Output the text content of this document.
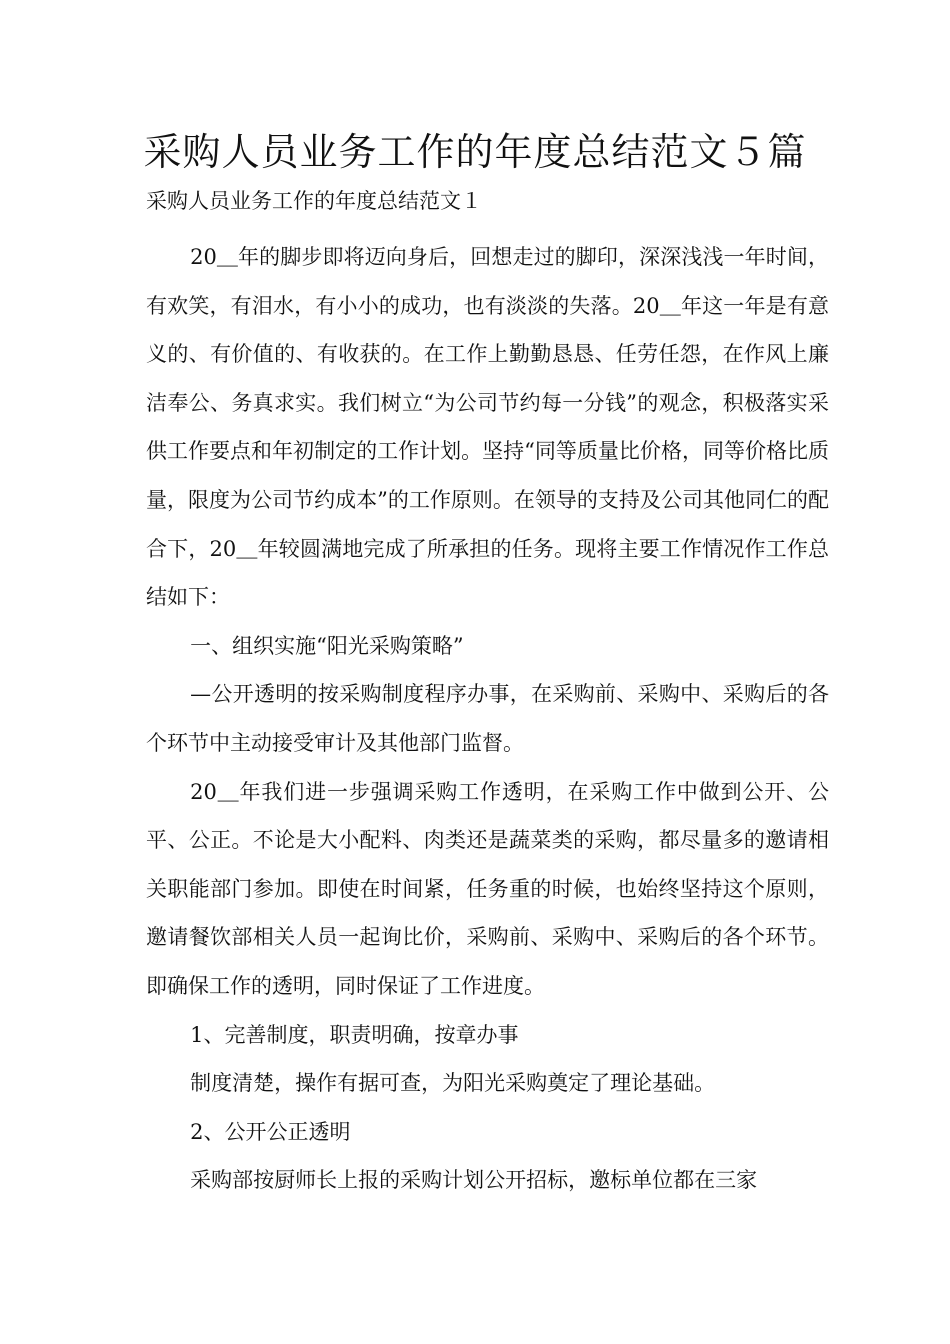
采购人员业务工作的年度总结范文５篇

采购人员业务工作的年度总结范文１

20＿年的脚步即将迈向身后，回想走过的脚印，深深浅浅一年时间，有欢笑，有泪水，有小小的成功，也有淡淡的失落。20＿年这一年是有意义的、有价值的、有收获的。在工作上勤勤恳恳、任劳任怨，在作风上廉洁奉公、务真求实。我们树立“为公司节约每一分钱”的观念，积极落实采供工作要点和年初制定的工作计划。坚持“同等质量比价格，同等价格比质量，限度为公司节约成本”的工作原则。在领导的支持及公司其他同仁的配合下，20＿年较圆满地完成了所承担的任务。现将主要工作情况作工作总结如下：

一、组织实施“阳光采购策略”

—公开透明的按采购制度程序办事，在采购前、采购中、采购后的各个环节中主动接受审计及其他部门监督。

20＿年我们进一步强调采购工作透明，在采购工作中做到公开、公平、公正。不论是大小配料、肉类还是蔬菜类的采购，都尽量多的邀请相关职能部门参加。即使在时间紧，任务重的时候，也始终坚持这个原则，邀请餐饮部相关人员一起询比价，采购前、采购中、采购后的各个环节。即确保工作的透明，同时保证了工作进度。

1、完善制度，职责明确，按章办事

制度清楚，操作有据可查，为阳光采购奠定了理论基础。

2、公开公正透明

采购部按厨师长上报的采购计划公开招标，邀标单位都在三家
